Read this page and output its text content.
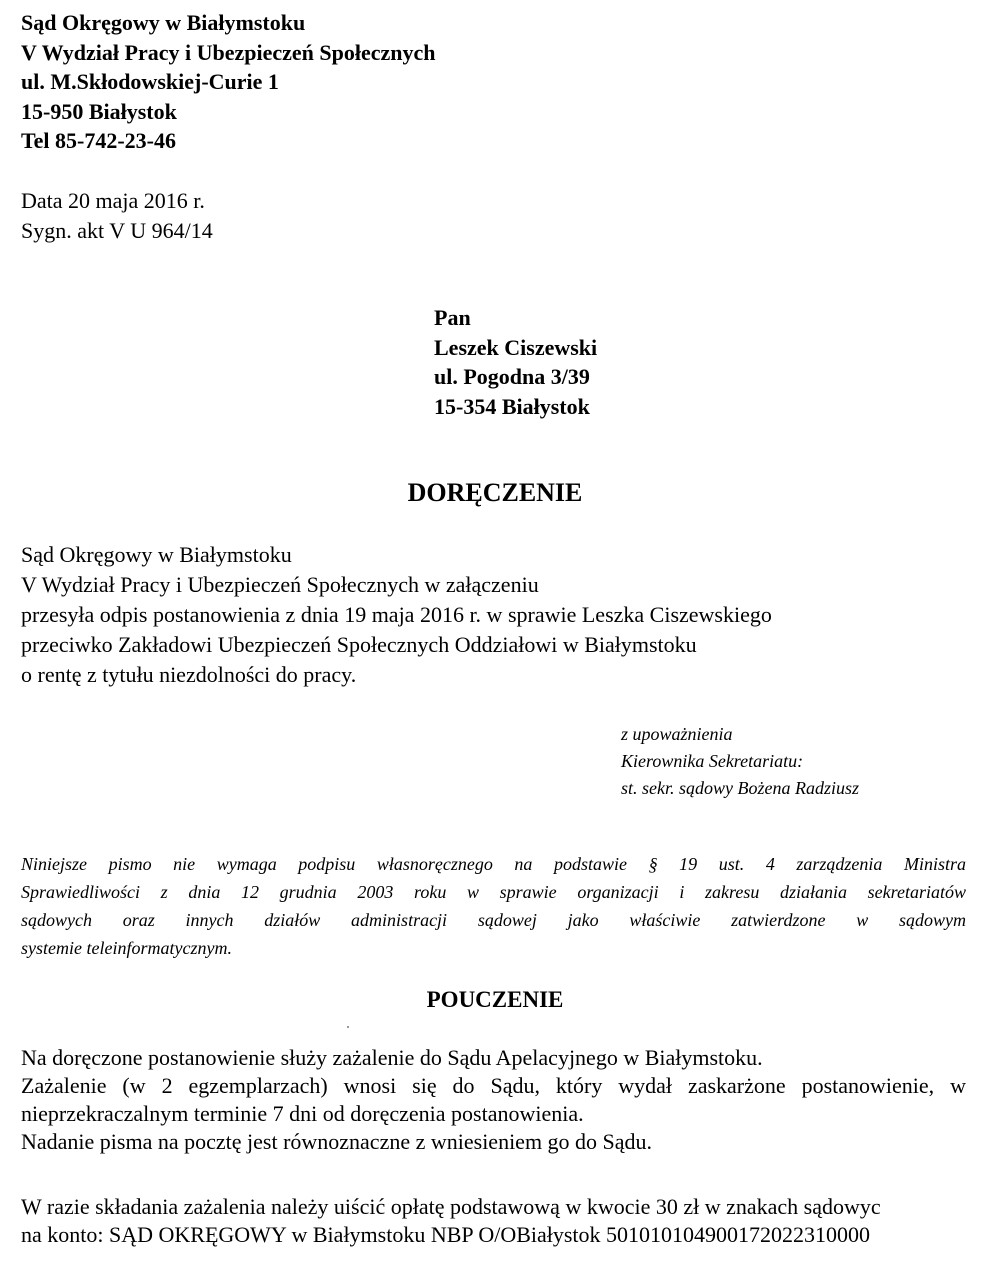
Sąd Okręgowy w Białymstoku
V Wydział Pracy i Ubezpieczeń Społecznych
ul. M.Skłodowskiej-Curie 1
15-950 Białystok
Tel 85-742-23-46
Data 20 maja 2016 r.
Sygn. akt V U 964/14
Pan
Leszek Ciszewski
ul. Pogodna 3/39
15-354 Białystok
DORĘCZENIE
Sąd Okręgowy w Białymstoku
V Wydział Pracy i Ubezpieczeń Społecznych w załączeniu
przesyła odpis postanowienia z dnia 19 maja 2016 r. w sprawie Leszka Ciszewskiego
przeciwko Zakładowi Ubezpieczeń Społecznych Oddziałowi w Białymstoku
o rentę z tytułu niezdolności do pracy.
z upoważnienia
Kierownika Sekretariatu:
st. sekr. sądowy Bożena Radziusz
Niniejsze pismo nie wymaga podpisu własnoręcznego na podstawie § 19 ust. 4 zarządzenia Ministra
Sprawiedliwości z dnia 12 grudnia 2003 roku w sprawie organizacji i zakresu działania sekretariatów
sądowych oraz innych działów administracji sądowej jako właściwie zatwierdzone w sądowym
systemie teleinformatycznym.
POUCZENIE
Na doręczone postanowienie służy zażalenie do Sądu Apelacyjnego w Białymstoku.
Zażalenie (w 2 egzemplarzach) wnosi się do Sądu, który wydał zaskarżone postanowienie, w
nieprzekraczalnym terminie 7 dni od doręczenia postanowienia.
Nadanie pisma na pocztę jest równoznaczne z wniesieniem go do Sądu.
W razie składania zażalenia należy uiścić opłatę podstawową w kwocie 30 zł w znakach sądowyc
na konto: SĄD OKRĘGOWY w Białymstoku NBP O/OBiałystok 501010104900172022310000
